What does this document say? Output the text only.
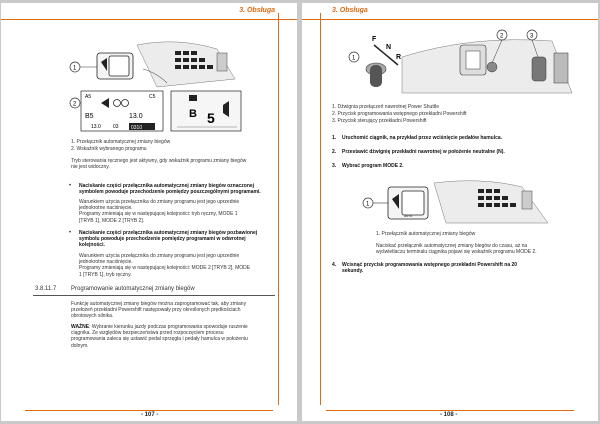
3. Obsługa
1
2
A5	C5
B5	13.0
13.0 03 0310
B 5
1. Przełącznik automatycznej zmiany biegów
2. Wskaźnik wybranego programu
Tryb sterowania ręcznego jest aktywny, gdy wskaźnik programu zmiany biegów
nie jest widoczny.
• Naciskanie części przełącznika automatycznej zmiany biegów oznaczonej
symbolem powoduje przechodzenie pomiędzy poszczególnymi programami.
Warunkiem użycia przełącznika do zmiany programu jest jego uprzednie
jednokrotne naciśnięcie.
Programy zmieniają się w następującej kolejności: tryb ręczny, MODE 1
[TRYB 1], MODE 2 [TRYB 2].
• Naciskanie części przełącznika automatycznej zmiany biegów pozbawionej
symbolu powoduje przechodzenie pomiędzy programami w odwrotnej
kolejności.
Warunkiem użycia przełącznika do zmiany programu jest jego uprzednie
jednokrotne naciśnięcie.
Programy zmieniają się w następującej kolejności: MODE 2 [TRYB 2], MODE
1 [TRYB 1], tryb ręczny.
3.8.11.7 Programowanie automatycznej zmiany biegów
Funkcję automatycznej zmiany biegów można zaprogramować tak, aby zmiany
przełożeń przekładni Powershift następowały przy określonych prędkościach
obrotowych silnika.
WAŻNE: Wybranie kierunku jazdy podczas programowania spowoduje ruszenie
ciągnika. Ze względów bezpieczeństwa przed rozpoczęciem procesu
programowania zaleca się ustawić pedał sprzęgła i pedały hamulca w położeniu
dolnym.
- 107 -
3. Obsługa
F
N
R
1
2	3
1. Dźwignia przełączeń nawrotnej Power Shuttle
2. Przycisk programowania wstępnego przekładni Powershift
3. Przycisk sterujący przekładni Powershift
1. Uruchomić ciągnik, na przykład przez wciśnięcie pedałów hamulca.
2. Przestawić dźwignię przekładni nawrotnej w położenie neutralne (N).
3. Wybrać program MODE 2.
1
AUTO
1. Przełącznik automatycznej zmiany biegów
Naciskać przełącznik automatycznej zmiany biegów do czasu, aż na
wyświetlaczu terminalu ciągnika pojawi się wskaźnik programu MODE 2.
4. Wcisnąć przycisk programowania wstępnego przekładni Powershift na 20
sekundy.
- 108 -
